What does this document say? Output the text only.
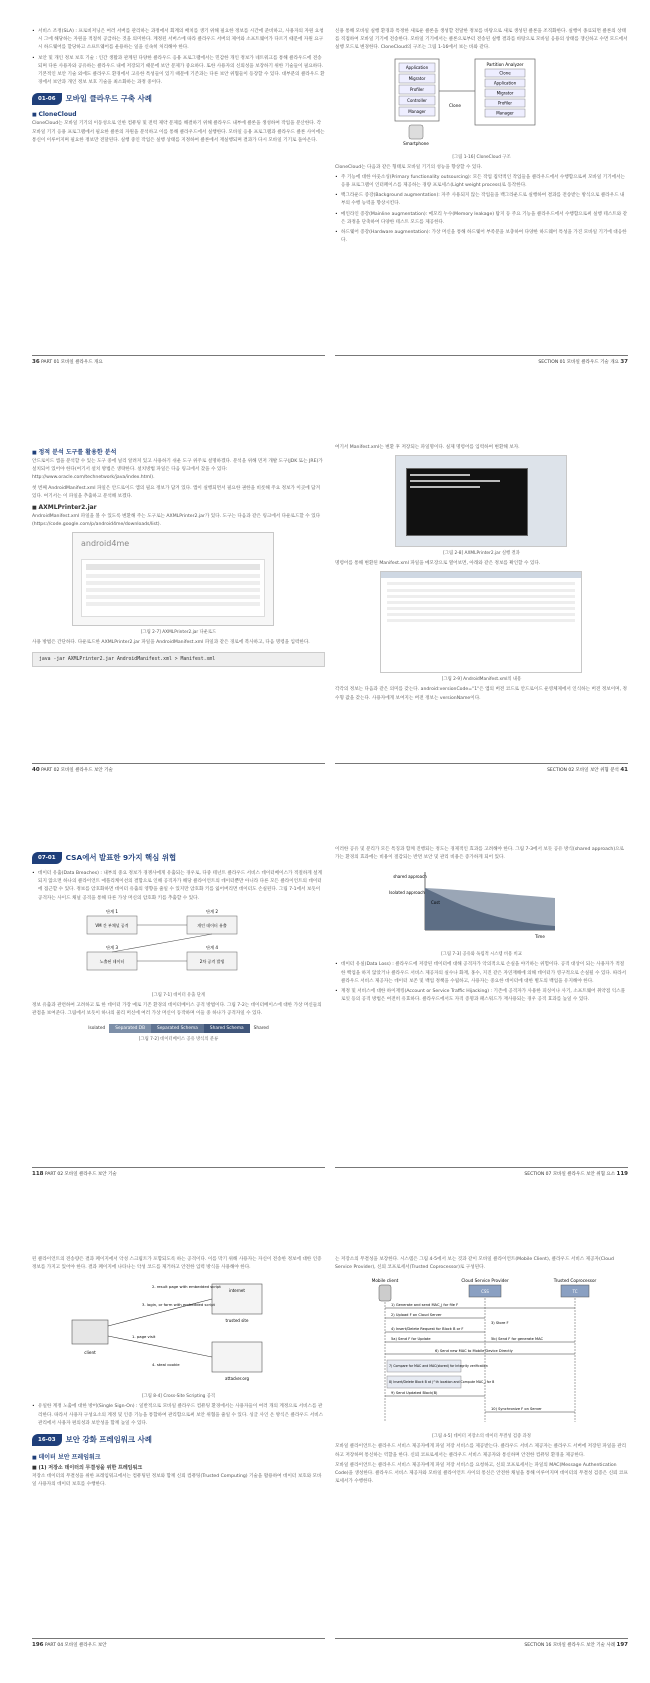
• 서비스 조정(SLA) : 프로비저닝은 여러 서버를 관리하는 과정에서 회계의 배치를 생기 위해 필요한 정보를 시간에 준비하고, 사용자의 자원 요청 시 그에 해당하는 자원을 적절히 공급하는 것을 의미한다. 계정된 서버스에 따라 클라우드 서버의 제어와 소프트웨어가 다르기 때문에 자원 요구 시 하드웨어를 할당하고 소프트웨어를 운용하는 일을 신속히 처리해야 한다.

• 보안 및 개인 정보 보호 기술 : 인간 생활과 관계된 다양한 클라우드 응용 프로그램에서는 민감한 개인 정보가 네트워크를 통해 클라우드에 전송되며 다른 사용자와 공유하는 클라우드 내에 저장되기 때문에 보안 문제가 중요하다. 또한 사용자의 신뢰성을 보장하기 위한 기술들이 필요하다. 기본적인 보안 기술 외에도 클라우드 환경에서 고유한 특성들이 있기 때문에 기존과는 다른 보안 위협들이 등장할 수 있다. 대부분의 클라우드 환경에서 보안과 개인 정보 보호 기술을 최소화하는 과정 중이다.

01-06	모바일 클라우드 구축 사례
■ CloneCloud

CloneCloud는 모바일 기기의 이동성으로 인한 컴퓨팅 및 전력 제약 문제를 해결하기 위해 클라우드 내부에 클론을 생성하여 작업을 분산한다. 각 모바일 기기 응용 프로그램에서 필요한 클론의 자원을 분석하고 이를 통해 클라우드에서 실행한다. 모바일 응용 프로그램과 클라우드 클론 사이에는 통신이 이루어지며 필요한 정보만 전달된다. 실행 중인 작업은 실행 상태를 지정하여 클론에서 재실행되며 결과가 다시 모바일 기기로 돌아온다.

36 PART 01 모바일 클라우드 개요

신용 통해 모바일 실행 환경과 특정한 새로운 클론을 생성할 전달한 정보를 바탕으로 새로 생성된 클론을 조직화한다. 실행이 종료되면 클론의 상태를 직접하여 모바일 기기에 전송한다. 모바일 기기에서는 클론으로부터 전송된 실행 결과를 바탕으로 모바일 응용의 상태를 갱신하고 수면 모드에서 실행 모드로 변경한다. CloneCloud의 구조는 그림 1-16에서 보는 바와 같다.

Application
Migrator
Profiler
Controller
Manager
Partition Analyzer
Clone
Application
Migrator
Profiler
Manager
Smartphone
Clone
[그림 1-16] CloneCloud 구조

CloneCloud는 다음과 같은 형태로 모바일 기기의 성능을 향상할 수 있다.

• 주 기능에 대한 아웃소싱(Primary functionality outsourcing): 모든 작업 집약적인 작업들을 클라우드에서 수행함으로써 모바일 기기에서는 응용 프로그램이 인터페이스를 제공하는 경량 프로세스(Light weight process)로 동작한다.

• 백그라운드 증강(Background augmentation): 자주 사용되지 않는 작업들을 백그라운드로 실행하여 결과를 전송받는 방식으로 클라우드 내부의 수행 능력을 향상시킨다.

• 메인라인 증강(Mainline augmentation): 메모리 누수(Memory leakage) 탐지 등 주요 기능을 클라우드에서 수행함으로써 실행 테스트와 같은 과정을 단축하여 다양한 테스트 모드를 제공한다.

• 하드웨어 증강(Hardware augmentation): 가상 머신을 통해 하드웨어 부족분을 보충하여 다양한 하드웨어 특성을 가진 모바일 기기에 대응한다.

SECTION 01 모바일 클라우드 기술 개요 37
■ 정적 분석 도구를 활용한 분석

안드로이드 앱을 분석할 수 있는 도구 중에 널리 알려져 있고 사용하기 쉬운 도구 위주로 설명하겠다. 분석을 위해 먼저 개발 도구(JDK 또는 JRE)가 설치되어 있어야 한다(여기서 설치 방법은 생략한다. 설치방법 파일은 다음 링크에서 찾을 수 있다: http://www.oracle.com/technetwork/java/index.html).

첫 번째 AndroidManifest.xml 파일은 안드로이드 앱의 필요 정보가 담겨 있다. 앱이 실행되면서 필요한 권한을 비롯해 주요 정보가 이곳에 담겨 있다. 여기서는 이 파일을 추출하고 분석해 보겠다.

■ AXMLPrinter2.jar

AndroidManifest.xml 파일을 볼 수 있도록 변환해 주는 도구로는 AXMLPrinter2.jar가 있다. 도구는 다음과 같은 링크에서 다운로드할 수 있다(https://code.google.com/p/android4me/downloads/list).

android4me
[그림 2-7] AXMLPrinter2.jar 다운로드

사용 방법은 간단하다. 다운로드한 AXMLPrinter2.jar 파일을 AndroidManifest.xml 파일과 같은 경로에 복사하고, 다음 명령을 입력한다.

java -jar AXMLPrinter2.jar AndroidManifest.xml > Manifest.xml
40 PART 02 모바일 클라우드 보안 기술

여기서 Manifest.xml는 변환 후 저장되는 파일명이다. 실제 명령어를 입력하여 변환해 보자.

[그림 2-8] AXMLPrinter2.jar 실행 결과

명령어를 통해 변환된 Manifest.xml 파일을 메모장으로 열어보면, 아래와 같은 정보를 확인할 수 있다.

[그림 2-9] AndroidManifest.xml의 내용

각각의 정보는 다음과 같은 의미를 갖는다. android:versionCode="1"은 앱의 버전 코드로 안드로이드 운영체제에서 인식하는 버전 정보이며, 정수형 값을 갖는다. 사용자에게 보여지는 버전 정보는 versionName이다.

SECTION 02 모바일 보안 위협 분석 41
07-01	CSA에서 발표한 9가지 핵심 위협

• 데이터 유출(Data Breaches) : 내부의 중요 정보가 경쟁사에게 유출되는 경우로, 다중 테넌트 클라우드 서비스 데이터베이스가 적절하게 설계되지 않으면 하나의 클라이언트 애플리케이션의 결함으로 인해 공격자가 해당 클라이언트의 데이터뿐만 아니라 다른 모든 클라이언트의 데이터에 접근할 수 있다. 정보를 암호화하면 데이터 유출의 영향을 줄일 수 있지만 암호화 키를 잃어버리면 데이터도 손실된다. 그림 7-1에서 보듯이 공격자는 사이드 채널 공격을 통해 다른 가상 머신의 암호화 키를 추출할 수 있다.

단계 1	단계 2
VM 간 부채널 공격	개인 데이터 유출
단계 3	단계 4
노출된 데이터	2차 공격 발생
[그림 7-1] 데이터 유출 단계

정보 유출과 관련하여 고려하고 또 한 데이터 가장 예로 기존 환경의 데이터베이스 공격 방법이다. 그림 7-2는 데이터베이스에 대한 가상 머신들의 관점을 보여준다. 그림에서 보듯이 하나의 물리 머신에 여러 가상 머신이 동작하며 이들 중 하나가 공격자일 수 있다.

Isolated	Separated DB	Separated Schema	Shared Schema	Shared
[그림 7-2] 데이터베이스 공유 방식의 분류
118 PART 02 모바일 클라우드 보안 기술

이러한 공유 및 분리가 모든 특징과 함께 진행되는 정도는 경제적인 효과를 고려해야 한다. 그림 7-3에서 보듯 공유 방식(shared approach)으로 가는 환경의 효과에는 비용이 절감되는 반면 보안 및 관리 비용은 증가하게 되어 있다.

shared approach
Isolated approach
Cost
Time
[그림 7-3] 공유와 독립적 시스템 비용 비교

• 데이터 유실(Data Loss) : 클라우드에 저장된 데이터에 대해 공격자가 악의적으로 손실을 야기하는 위험이다. 공격 대상이 되는 사용자가 적절한 백업을 하지 않았거나 클라우드 서비스 제공자의 실수나 화재, 홍수, 지진 같은 자연재해에 의해 데이터가 영구적으로 손실될 수 있다. 따라서 클라우드 서비스 제공자는 데이터 보존 및 백업 정책을 수립하고, 사용자는 중요한 데이터에 대한 별도의 백업을 유지해야 한다.

• 계정 및 서비스에 대한 하이재킹(Account or Service Traffic Hijacking) : 기존에 공격자가 사용한 피싱이나 사기, 소프트웨어 취약점 익스플로잇 등의 공격 방법은 여전히 유효하다. 클라우드에서도 자격 증명과 패스워드가 재사용되는 경우 공격 효과를 높일 수 있다.

SECTION 07 모바일 클라우드 보안 위협 요소 119

된 클라이언트의 전송량은 결과 페이지에서 악성 스크립트가 포함되도록 하는 공격이다. 이를 막기 위해 사용자는 자신이 전송한 정보에 대한 인증 정보를 가지고 있어야 한다. 결과 페이지에 나타나는 악성 코드를 제거하고 안전한 입력 방식을 사용해야 한다.

client
internet
trusted site
attacker.org
2. result page with embedded script
3. login, or form with embedded script
1. page visit
4. steal cookie
[그림 8-4] Cross-Site Scripting 공격

• 유일한 계정 노출에 대한 방어(Single Sign-On) : 일반적으로 모바일 클라우드 컴퓨팅 환경에서는 사용자들이 여러 개의 계정으로 서비스를 관리한다. 따라서 사용자 구성요소의 계정 및 인증 기능을 통합하여 관리함으로써 보안 위협을 줄일 수 있다. 싱글 사인 온 방식은 클라우드 서비스 관리에서 사용자 편의성과 보안성을 함께 높일 수 있다.

16-03	보안 강화 프레임워크 사례
■ 데이터 보안 프레임워크
■ (1) 저장소 데이터의 무결성을 위한 프레임워크

저장소 데이터의 무결성을 위한 프레임워크에서는 컴퓨팅된 정보와 함께 신뢰 컴퓨팅(Trusted Computing) 기술을 활용하여 데이터 보호와 모바일 사용자의 데이터 보호를 수행한다.

196 PART 04 모바일 클라우드 보안

는 저장소의 무결성을 보장한다. 시스템은 그림 4-5에서 보는 것과 같이 모바일 클라이언트(Mobile Client), 클라우드 서비스 제공자(Cloud Service Provider), 신뢰 코프로세서(Trusted Coprocessor)로 구성된다.

Mobile client	Cloud Service Provider	Trusted Coprocessor
CSS	TC
1) Generate and send MAC_j for file F
2) Upload F on Cloud Server
3) Store F
4) Insert/Delete Request for Block B or F
5a) Send F for Update	5b) Send F for generate MAC
6) Send new MAC to Mobile Device Directly
7) Compare for MAC and MAC(stored) for Integrity verification
8) Insert/Delete Block B at j^th location and Compute MAC_j for B
9) Send Updated Block(B)
10) Synchronize F on Server
[그림 4-5] 데이터 저장소의 데이터 무결성 검증 과정

모바일 클라이언트는 클라우드 서비스 제공자에게 파일 저장 서비스를 제공받는다. 클라우드 서비스 제공자는 클라우드 서버에 저장된 파일을 관리하고 저장하며 통신하는 역할을 한다. 신뢰 코프로세서는 클라우드 서비스 제공자와 통신하며 안전한 컴퓨팅 환경을 제공한다.

모바일 클라이언트는 클라우드 서비스 제공자에게 파일 저장 서비스를 요청하고, 신뢰 코프로세서는 파일의 MAC(Message Authentication Code)을 생성한다. 클라우드 서비스 제공자와 모바일 클라이언트 사이의 통신은 안전한 채널을 통해 이루어지며 데이터의 무결성 검증은 신뢰 코프로세서가 수행한다.

SECTION 16 모바일 클라우드 보안 기술 사례 197
